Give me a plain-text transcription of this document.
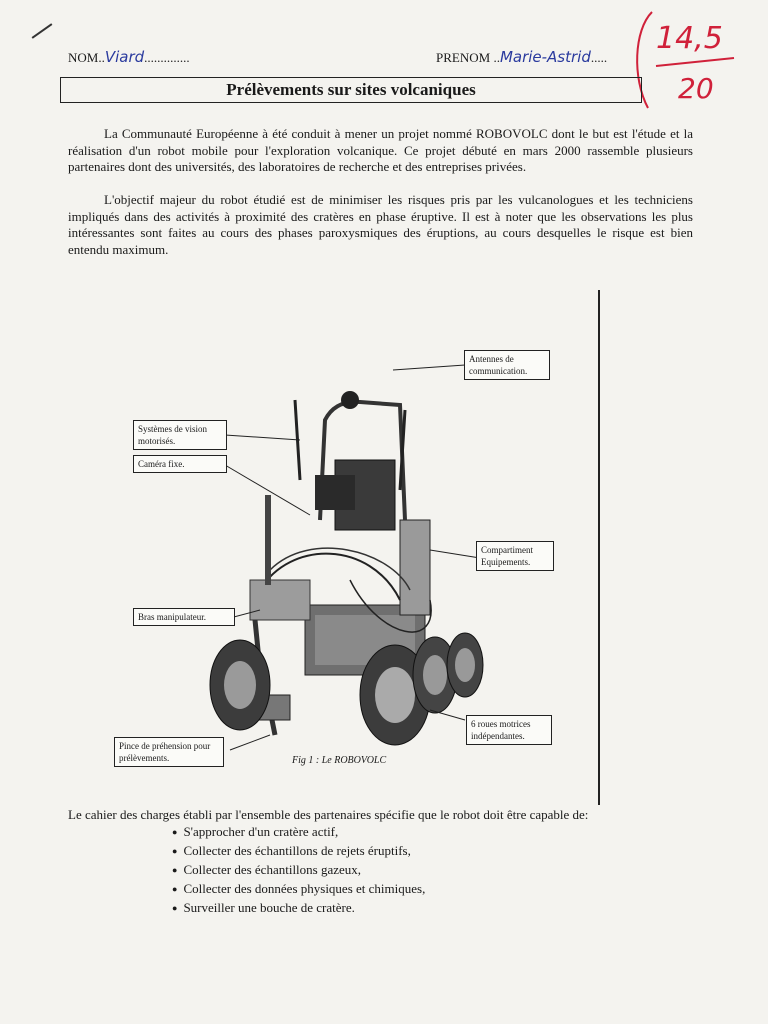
NOM..Viard..............	PRENOM ..Marie-Astrid.....
14,5
20
Prélèvements sur sites volcaniques

La Communauté Européenne à été conduit à mener un projet nommé ROBOVOLC dont le but est l'étude et la réalisation d'un robot mobile pour l'exploration volcanique. Ce projet débuté en mars 2000 rassemble plusieurs partenaires dont des universités, des laboratoires de recherche et des entreprises privées.

L'objectif majeur du robot étudié est de minimiser les risques pris par les vulcanologues et les techniciens impliqués dans des activités à proximité des cratères en phase éruptive. Il est à noter que les observations les plus intéressantes sont faites au cours des phases paroxysmiques des éruptions, au cours desquelles le risque est bien entendu maximum.

Antennes de communication.
Systèmes de vision motorisés.
Caméra fixe.
Compartiment Equipements.
Bras manipulateur.
6 roues motrices indépendantes.
Pince de préhension pour prélèvements.	Fig 1 : Le ROBOVOLC

Le cahier des charges établi par l'ensemble des partenaires spécifie que le robot doit être capable de:

● S'approcher d'un cratère actif,
● Collecter des échantillons de rejets éruptifs,
● Collecter des échantillons gazeux,
● Collecter des données physiques et chimiques,
● Surveiller une bouche de cratère.
